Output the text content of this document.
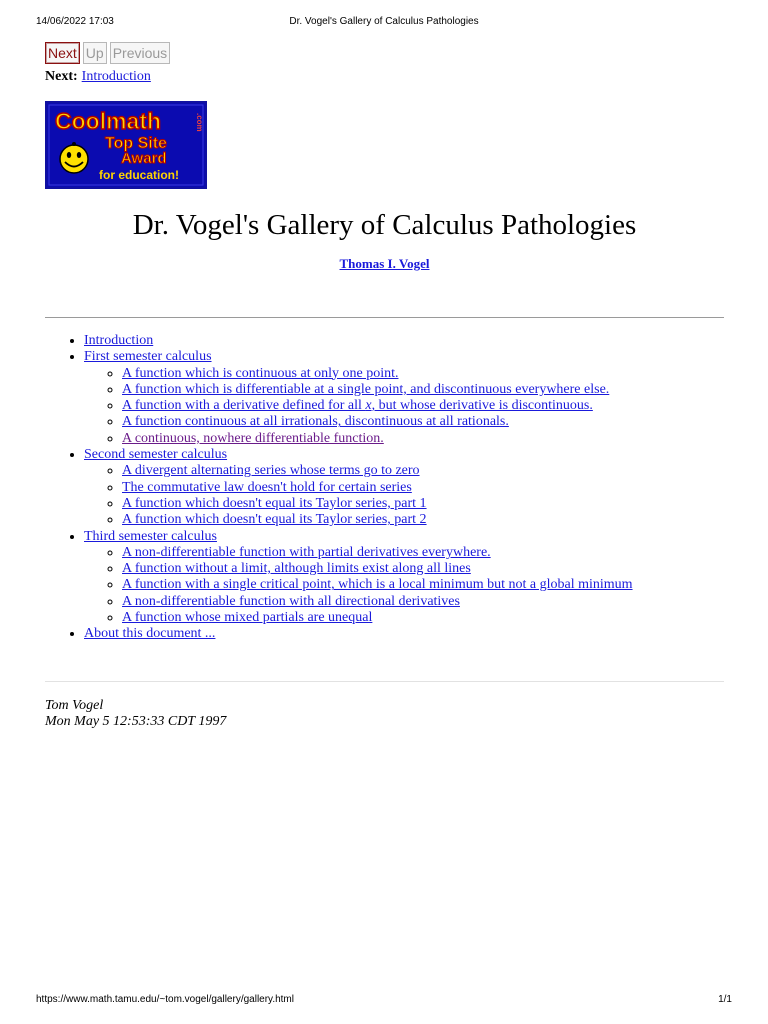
14/06/2022 17:03	Dr. Vogel's Gallery of Calculus Pathologies
Next Up Previous
Next: Introduction
Coolmath	.com
Top Site
Award
for education!
Dr. Vogel's Gallery of Calculus Pathologies
Thomas I. Vogel
• Introduction
• First semester calculus
◦ A function which is continuous at only one point.
◦ A function which is differentiable at a single point, and discontinuous everywhere else.
◦ A function with a derivative defined for all x, but whose derivative is discontinuous.
◦ A function continuous at all irrationals, discontinuous at all rationals.
◦ A continuous, nowhere differentiable function.
• Second semester calculus
◦ A divergent alternating series whose terms go to zero
◦ The commutative law doesn't hold for certain series
◦ A function which doesn't equal its Taylor series, part 1
◦ A function which doesn't equal its Taylor series, part 2
• Third semester calculus
◦ A non-differentiable function with partial derivatives everywhere.
◦ A function without a limit, although limits exist along all lines
◦ A function with a single critical point, which is a local minimum but not a global minimum
◦ A non-differentiable function with all directional derivatives
◦ A function whose mixed partials are unequal
• About this document ...
Tom Vogel
Mon May 5 12:53:33 CDT 1997
https://www.math.tamu.edu/~tom.vogel/gallery/gallery.html	1/1
